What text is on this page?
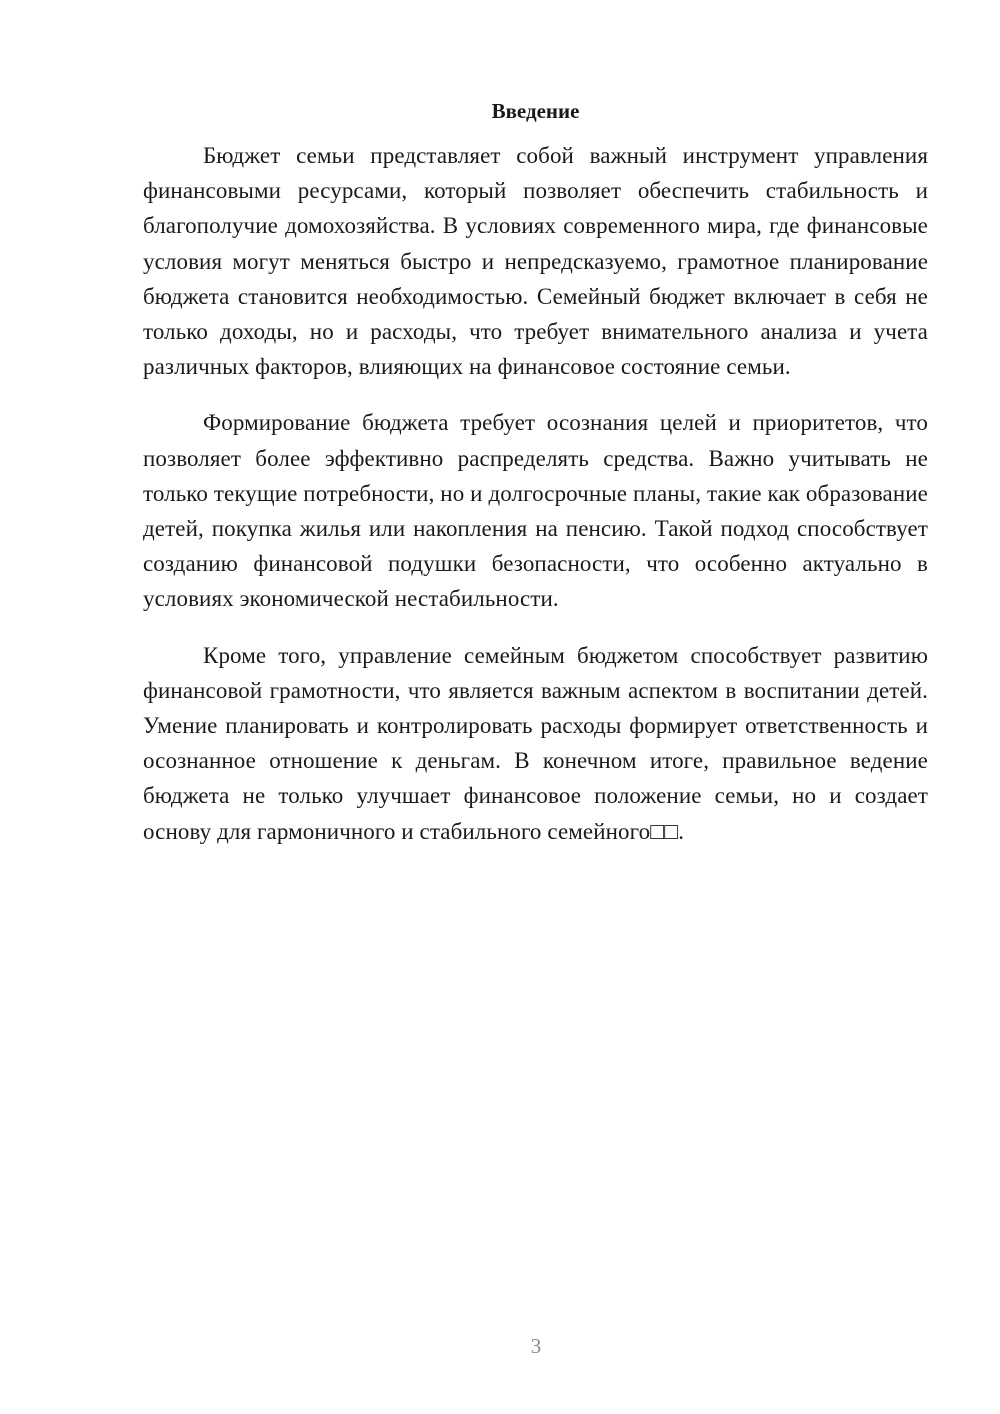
Введение

Бюджет семьи представляет собой важный инструмент управления финансовыми ресурсами, который позволяет обеспечить стабильность и благополучие домохозяйства. В условиях современного мира, где финансовые условия могут меняться быстро и непредсказуемо, грамотное планирование бюджета становится необходимостью. Семейный бюджет включает в себя не только доходы, но и расходы, что требует внимательного анализа и учета различных факторов, влияющих на финансовое состояние семьи.

Формирование бюджета требует осознания целей и приоритетов, что позволяет более эффективно распределять средства. Важно учитывать не только текущие потребности, но и долгосрочные планы, такие как образование детей, покупка жилья или накопления на пенсию. Такой подход способствует созданию финансовой подушки безопасности, что особенно актуально в условиях экономической нестабильности.

Кроме того, управление семейным бюджетом способствует развитию финансовой грамотности, что является важным аспектом в воспитании детей. Умение планировать и контролировать расходы формирует ответственность и осознанное отношение к деньгам. В конечном итоге, правильное ведение бюджета не только улучшает финансовое положение семьи, но и создает основу для гармоничного и стабильного семейного□□.

3
